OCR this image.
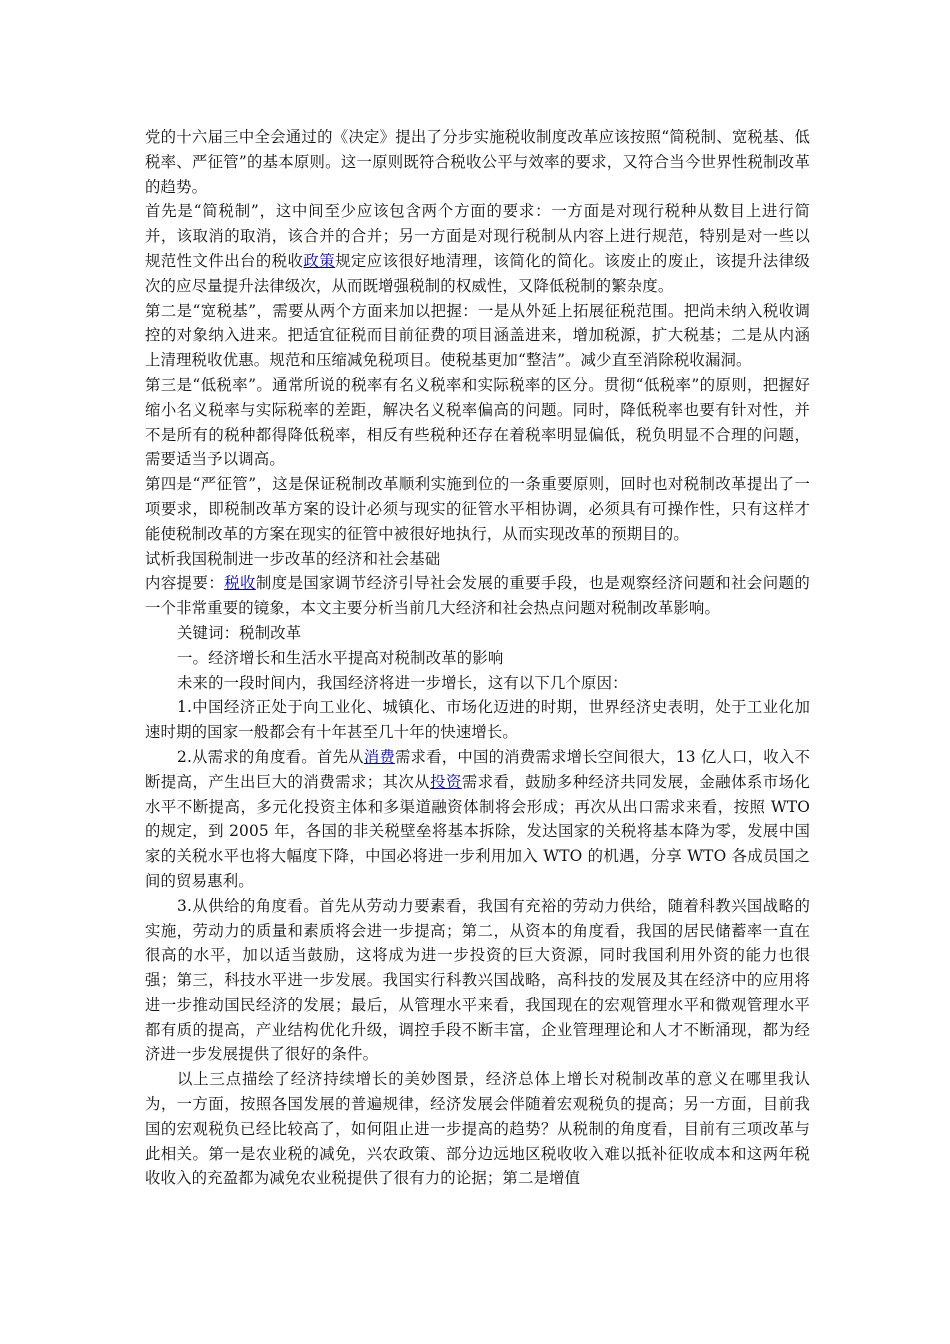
党的十六届三中全会通过的《决定》提出了分步实施税收制度改革应该按照“简税制、宽税基、低税率、严征管”的基本原则。这一原则既符合税收公平与效率的要求，又符合当今世界性税制改革的趋势。

首先是“简税制”，这中间至少应该包含两个方面的要求：一方面是对现行税种从数目上进行简并，该取消的取消，该合并的合并；另一方面是对现行税制从内容上进行规范，特别是对一些以规范性文件出台的税收政策规定应该很好地清理，该简化的简化。该废止的废止，该提升法律级次的应尽量提升法律级次，从而既增强税制的权威性，又降低税制的繁杂度。

第二是“宽税基”，需要从两个方面来加以把握：一是从外延上拓展征税范围。把尚未纳入税收调控的对象纳入进来。把适宜征税而目前征费的项目涵盖进来，增加税源，扩大税基；二是从内涵上清理税收优惠。规范和压缩减免税项目。使税基更加“整洁”。减少直至消除税收漏洞。

第三是“低税率”。通常所说的税率有名义税率和实际税率的区分。贯彻“低税率”的原则，把握好缩小名义税率与实际税率的差距，解决名义税率偏高的问题。同时，降低税率也要有针对性，并不是所有的税种都得降低税率，相反有些税种还存在着税率明显偏低，税负明显不合理的问题，需要适当予以调高。

第四是“严征管”，这是保证税制改革顺利实施到位的一条重要原则，回时也对税制改革提出了一项要求，即税制改革方案的设计必须与现实的征管水平相协调，必须具有可操作性，只有这样才能使税制改革的方案在现实的征管中被很好地执行，从而实现改革的预期目的。

试析我国税制进一步改革的经济和社会基础

内容提要：税收制度是国家调节经济引导社会发展的重要手段，也是观察经济问题和社会问题的一个非常重要的镜象，本文主要分析当前几大经济和社会热点问题对税制改革影响。

关键词：税制改革

一。经济增长和生活水平提高对税制改革的影响

未来的一段时间内，我国经济将进一步增长，这有以下几个原因：

1.中国经济正处于向工业化、城镇化、市场化迈进的时期，世界经济史表明，处于工业化加速时期的国家一般都会有十年甚至几十年的快速增长。

2.从需求的角度看。首先从消费需求看，中国的消费需求增长空间很大，13 亿人口，收入不断提高，产生出巨大的消费需求；其次从投资需求看，鼓励多种经济共同发展，金融体系市场化水平不断提高，多元化投资主体和多渠道融资体制将会形成；再次从出口需求来看，按照 WTO 的规定，到 2005 年，各国的非关税壁垒将基本拆除，发达国家的关税将基本降为零，发展中国家的关税水平也将大幅度下降，中国必将进一步利用加入 WTO 的机遇，分享 WTO 各成员国之间的贸易惠利。

3.从供给的角度看。首先从劳动力要素看，我国有充裕的劳动力供给，随着科教兴国战略的实施，劳动力的质量和素质将会进一步提高；第二，从资本的角度看，我国的居民储蓄率一直在很高的水平，加以适当鼓励，这将成为进一步投资的巨大资源，同时我国利用外资的能力也很强；第三，科技水平进一步发展。我国实行科教兴国战略，高科技的发展及其在经济中的应用将进一步推动国民经济的发展；最后，从管理水平来看，我国现在的宏观管理水平和微观管理水平都有质的提高，产业结构优化升级，调控手段不断丰富，企业管理理论和人才不断涌现，都为经济进一步发展提供了很好的条件。

以上三点描绘了经济持续增长的美妙图景，经济总体上增长对税制改革的意义在哪里我认为，一方面，按照各国发展的普遍规律，经济发展会伴随着宏观税负的提高；另一方面，目前我国的宏观税负已经比较高了，如何阻止进一步提高的趋势？从税制的角度看，目前有三项改革与此相关。第一是农业税的减免，兴农政策、部分边远地区税收收入难以抵补征收成本和这两年税收收入的充盈都为减免农业税提供了很有力的论据；第二是增值
